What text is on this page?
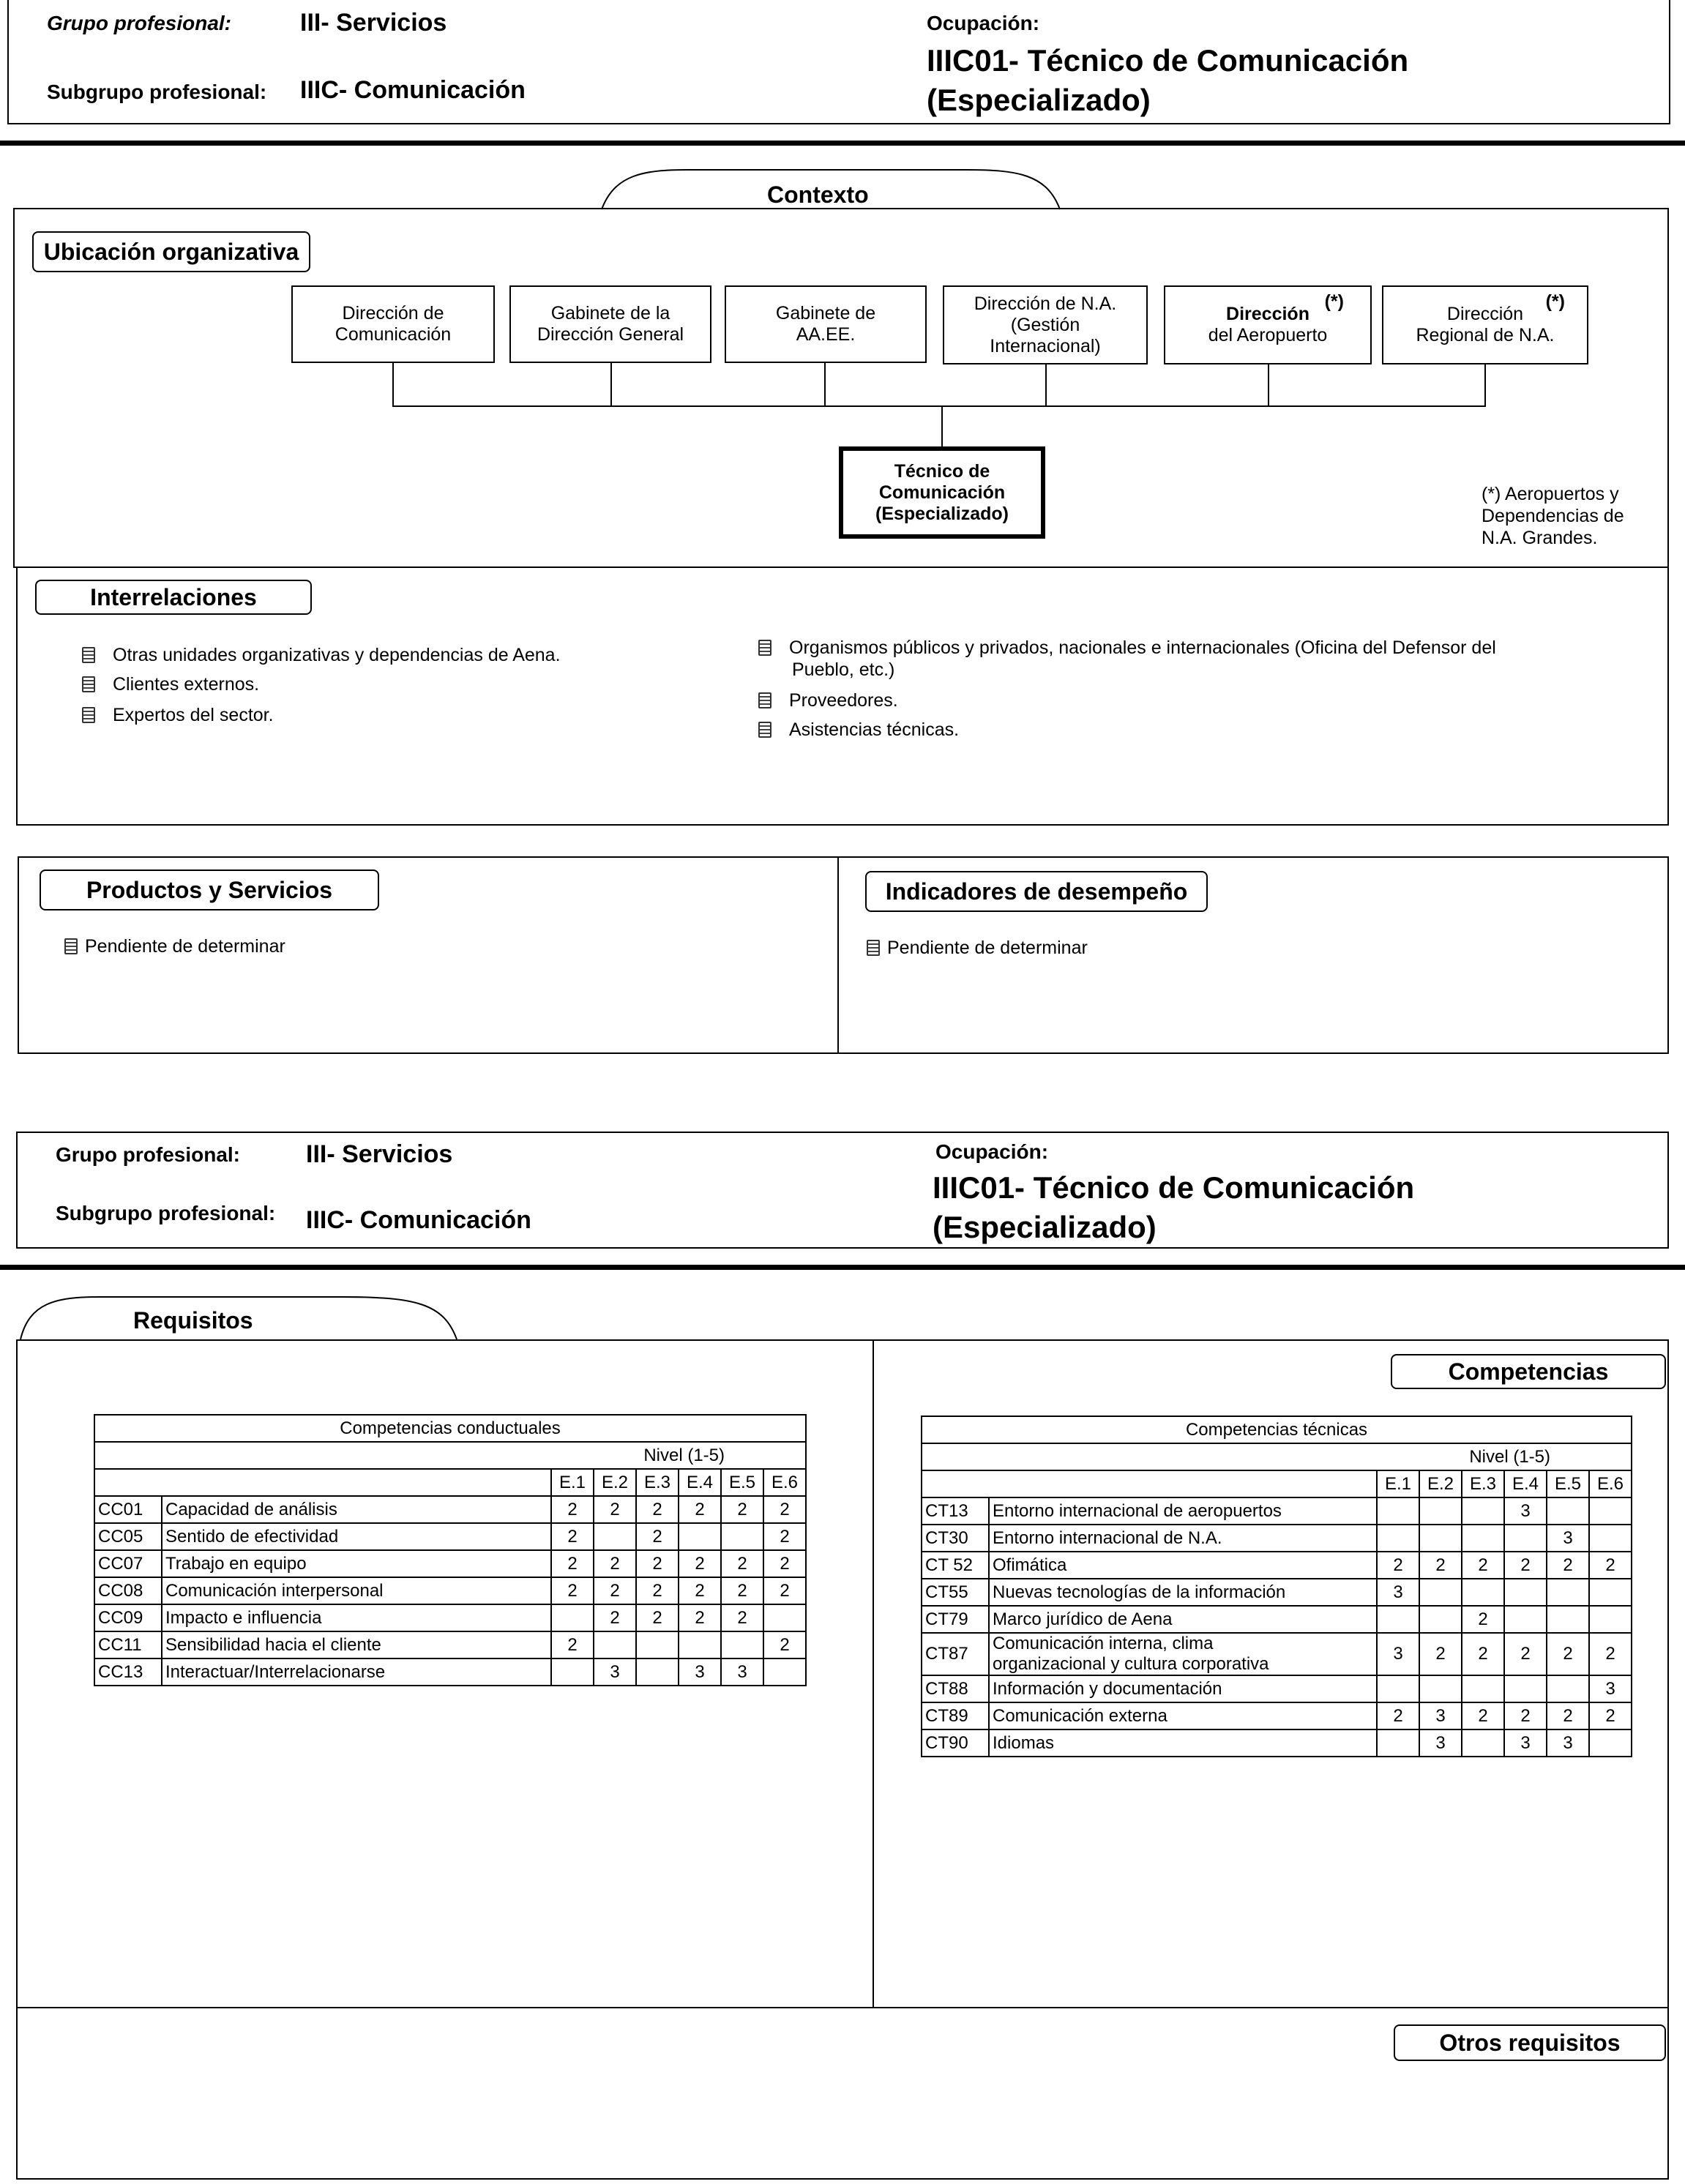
Grupo profesional:	III- Servicios
Subgrupo profesional: IIIC- Comunicación
Ocupación:
IIIC01- Técnico de Comunicación
(Especializado)
Contexto
Ubicación organizativa
Dirección de
Comunicación
Gabinete de la
Dirección General
Gabinete de
AA.EE.
Dirección de N.A.
(Gestión
Internacional)
Dirección
del Aeropuerto
(*)
Dirección
Regional de N.A.
(*)
Técnico de
Comunicación
(Especializado)
(*) Aeropuertos y
Dependencias de
N.A. Grandes.
Interrelaciones
Otras unidades organizativas y dependencias de Aena.
Clientes externos.
Expertos del sector.
Organismos públicos y privados, nacionales e internacionales (Oficina del Defensor del
Pueblo, etc.)
Proveedores.
Asistencias técnicas.
Productos y Servicios	Indicadores de desempeño
Pendiente de determinar	Pendiente de determinar
Grupo profesional:	III- Servicios
Subgrupo profesional: IIIC- Comunicación
Ocupación:
IIIC01- Técnico de Comunicación
(Especializado)
Requisitos
Competencias
Otros requisitos
Competencias conductuales							
Nivel (1-5)							
		E.1	E.2	E.3	E.4	E.5	E.6
CC01	Capacidad de análisis	2	2	2	2	2	2
CC05	Sentido de efectividad	2		2			2
CC07	Trabajo en equipo	2	2	2	2	2	2
CC08	Comunicación interpersonal	2	2	2	2	2	2
CC09	Impacto e influencia		2	2	2	2	
CC11	Sensibilidad hacia el cliente	2					2
CC13	Interactuar/Interrelacionarse		3		3	3	
Competencias técnicas							
Nivel (1-5)							
		E.1	E.2	E.3	E.4	E.5	E.6
CT13	Entorno internacional de aeropuertos				3		
CT30	Entorno internacional de N.A.					3	
CT 52	Ofimática	2	2	2	2	2	2
CT55	Nuevas tecnologías de la información	3					
CT79	Marco jurídico de Aena			2			
CT87	Comunicación interna, clima
organizacional y cultura corporativa	3	2	2	2	2	2
CT88	Información y documentación						3
CT89	Comunicación externa	2	3	2	2	2	2
CT90	Idiomas		3		3	3	
